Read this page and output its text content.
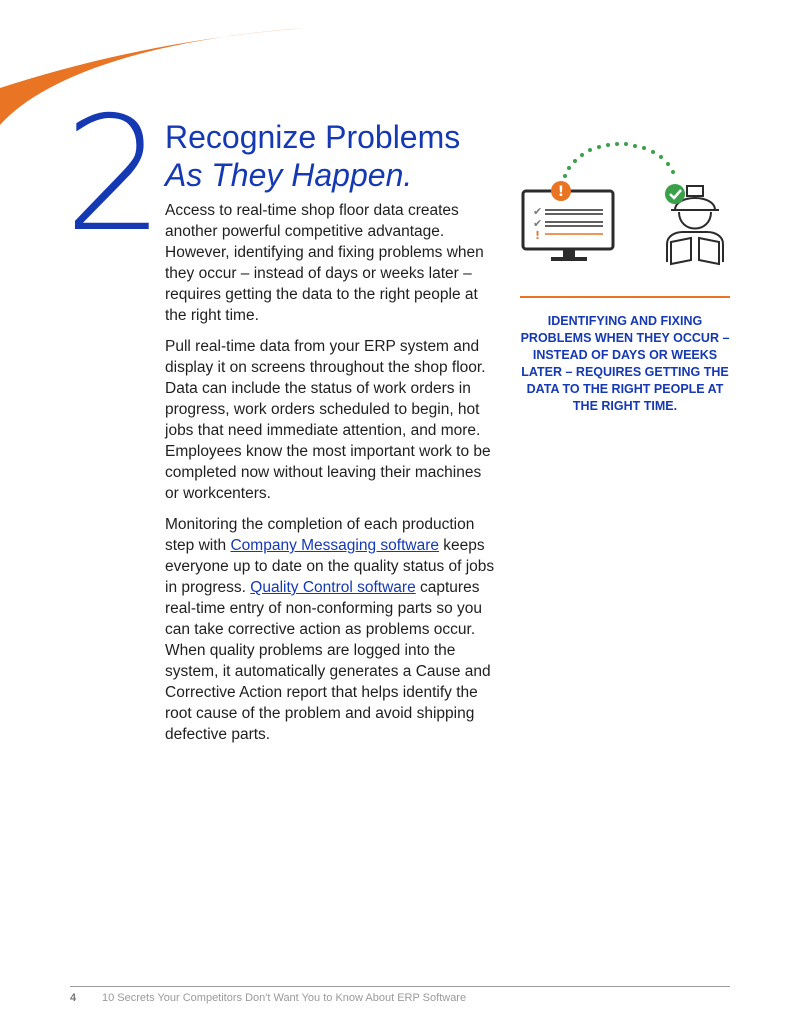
2 Recognize Problems
As They Happen.

Access to real-time shop floor data creates another powerful competitive advantage. However, identifying and fixing problems when they occur – instead of days or weeks later – requires getting the data to the right people at the right time.

Pull real-time data from your ERP system and display it on screens throughout the shop floor. Data can include the status of work orders in progress, work orders scheduled to begin, hot jobs that need immediate attention, and more. Employees know the most important work to be completed now without leaving their machines or workcenters.

Monitoring the completion of each production step with Company Messaging software keeps everyone up to date on the quality status of jobs in progress. Quality Control software captures real-time entry of non-conforming parts so you can take corrective action as problems occur. When quality problems are logged into the system, it automatically generates a Cause and Corrective Action report that helps identify the root cause of the problem and avoid shipping defective parts.

✔
✔
!
!
IDENTIFYING AND FIXING PROBLEMS WHEN THEY OCCUR – INSTEAD OF DAYS OR WEEKS LATER – REQUIRES GETTING THE DATA TO THE RIGHT PEOPLE AT THE RIGHT TIME.
4 10 Secrets Your Competitors Don't Want You to Know About ERP Software
